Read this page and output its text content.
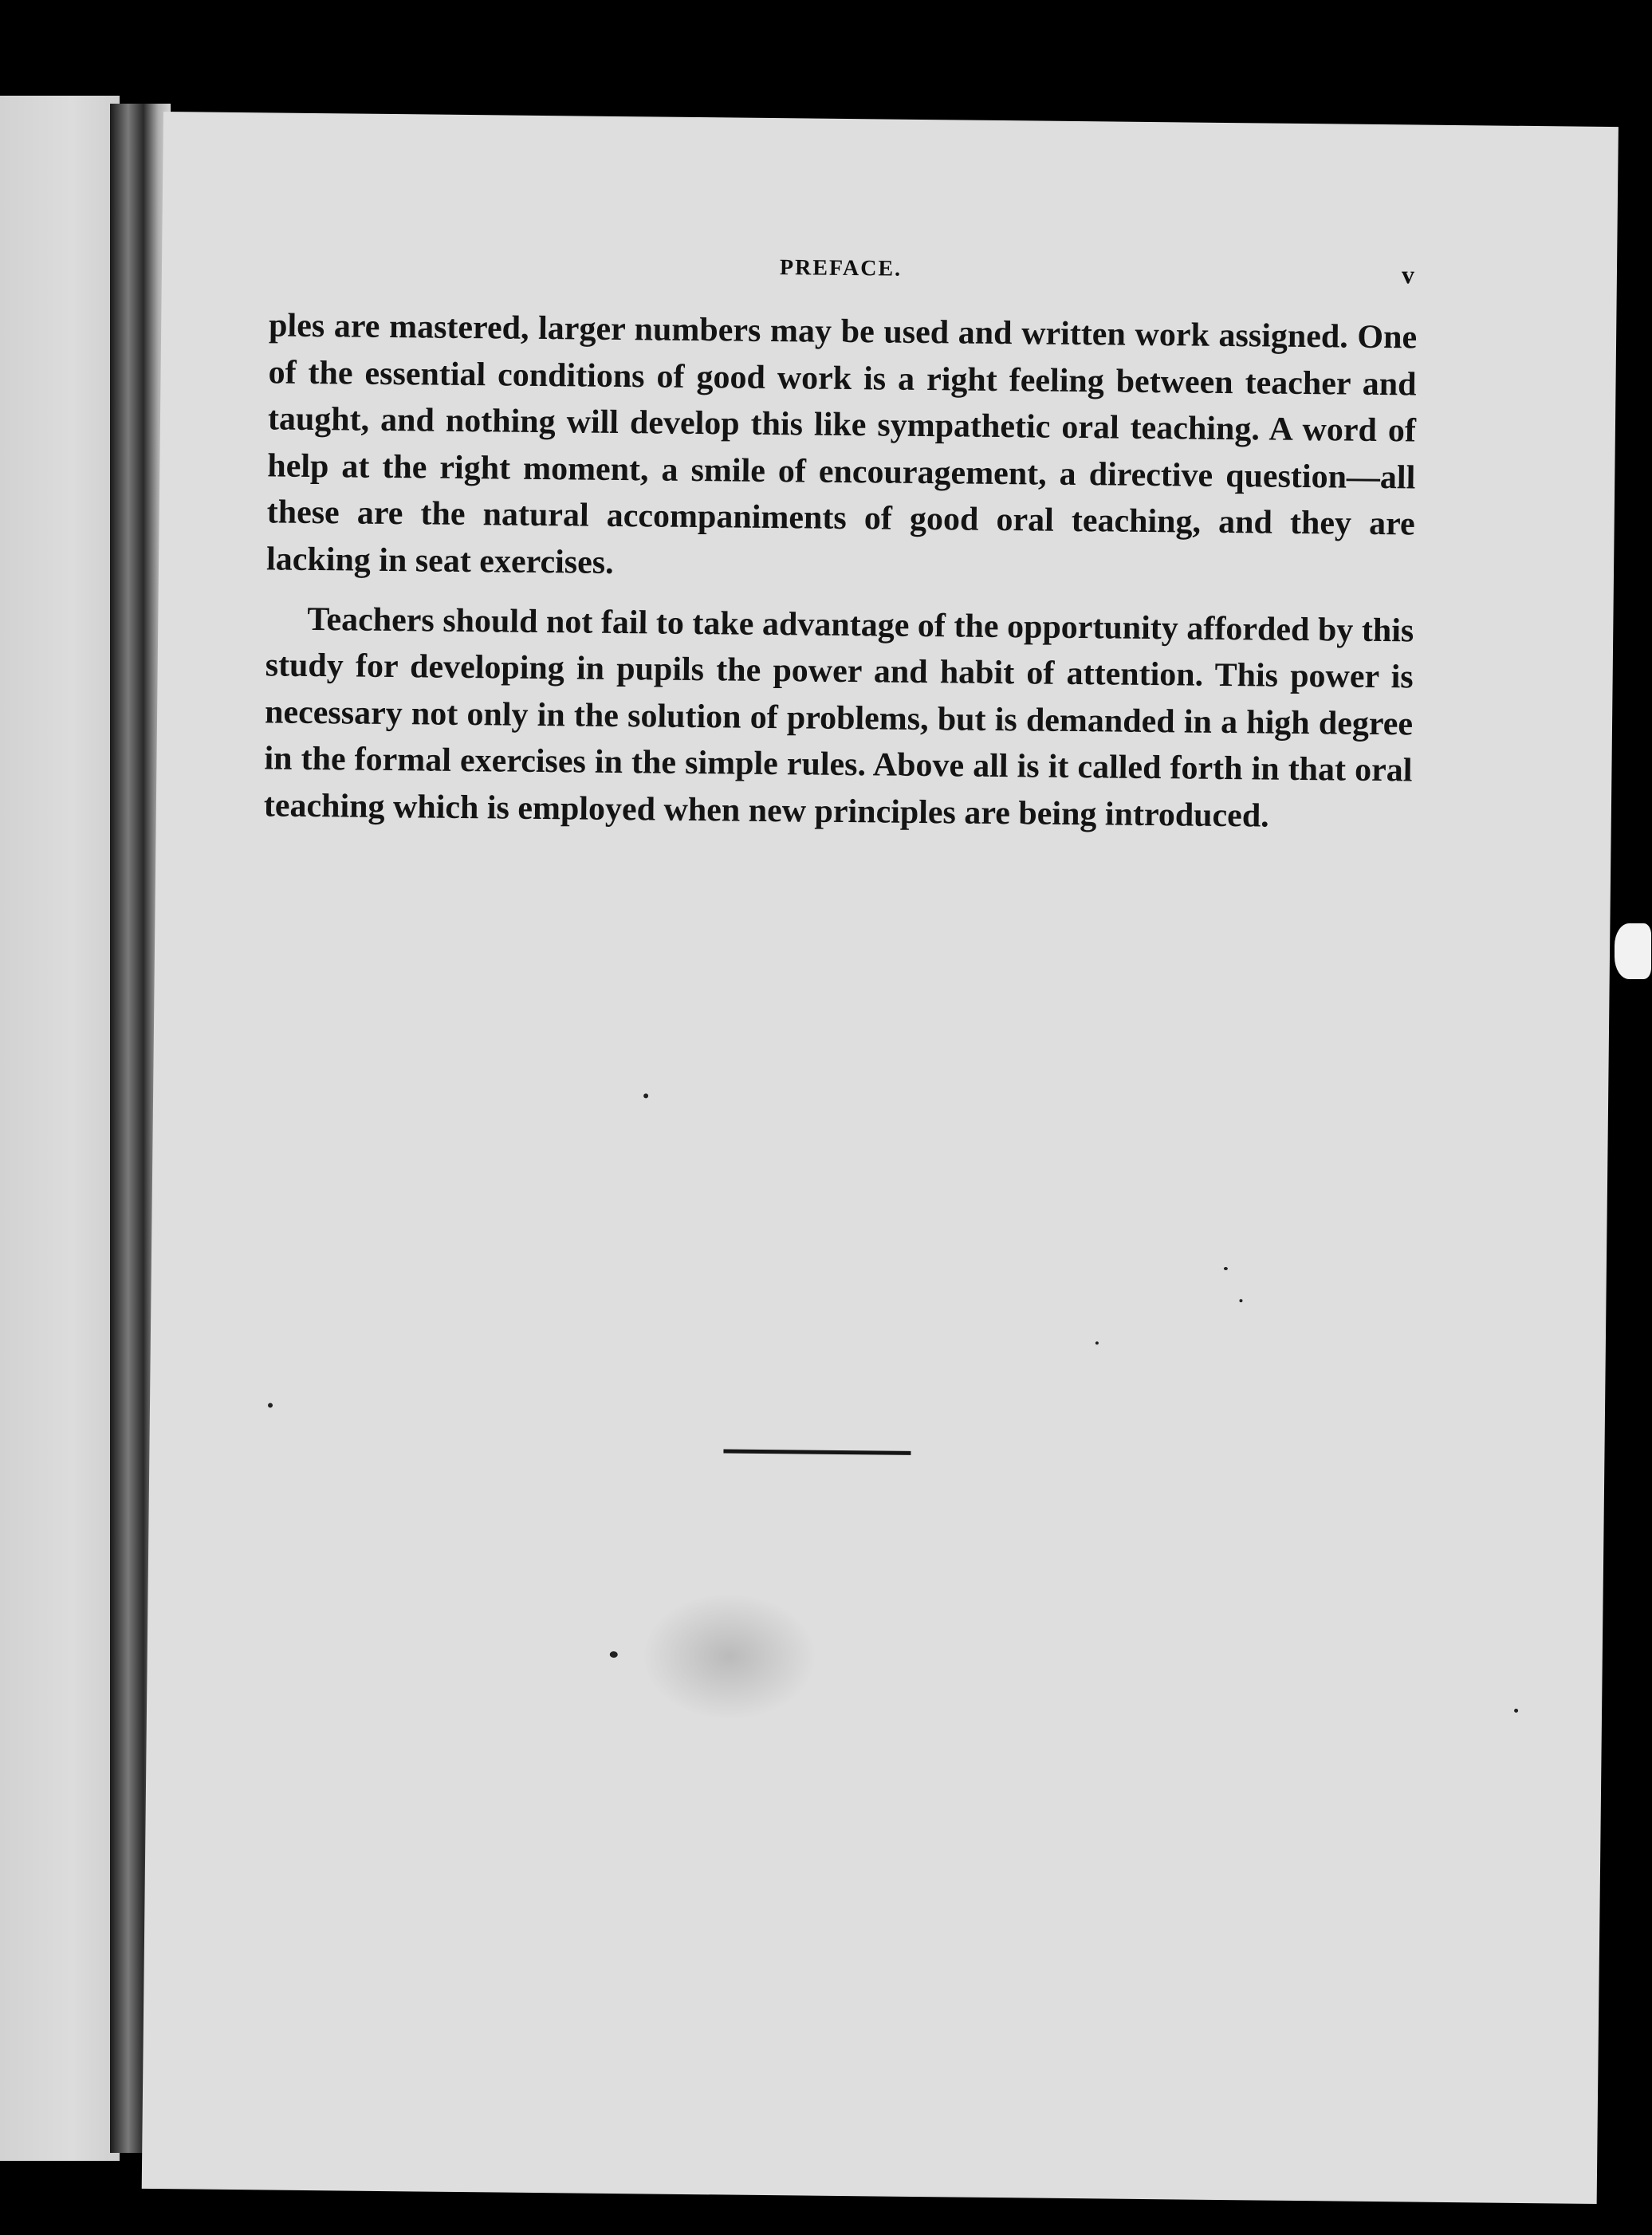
PREFACE.	v

ples are mastered, larger numbers may be used and written work assigned. One of the essential conditions of good work is a right feeling between teacher and taught, and nothing will develop this like sympathetic oral teaching. A word of help at the right moment, a smile of encouragement, a directive question—all these are the natural accompaniments of good oral teaching, and they are lacking in seat exercises.

Teachers should not fail to take advantage of the opportunity afforded by this study for developing in pupils the power and habit of attention. This power is necessary not only in the solution of problems, but is demanded in a high degree in the formal exercises in the simple rules. Above all is it called forth in that oral teaching which is employed when new principles are being introduced.
